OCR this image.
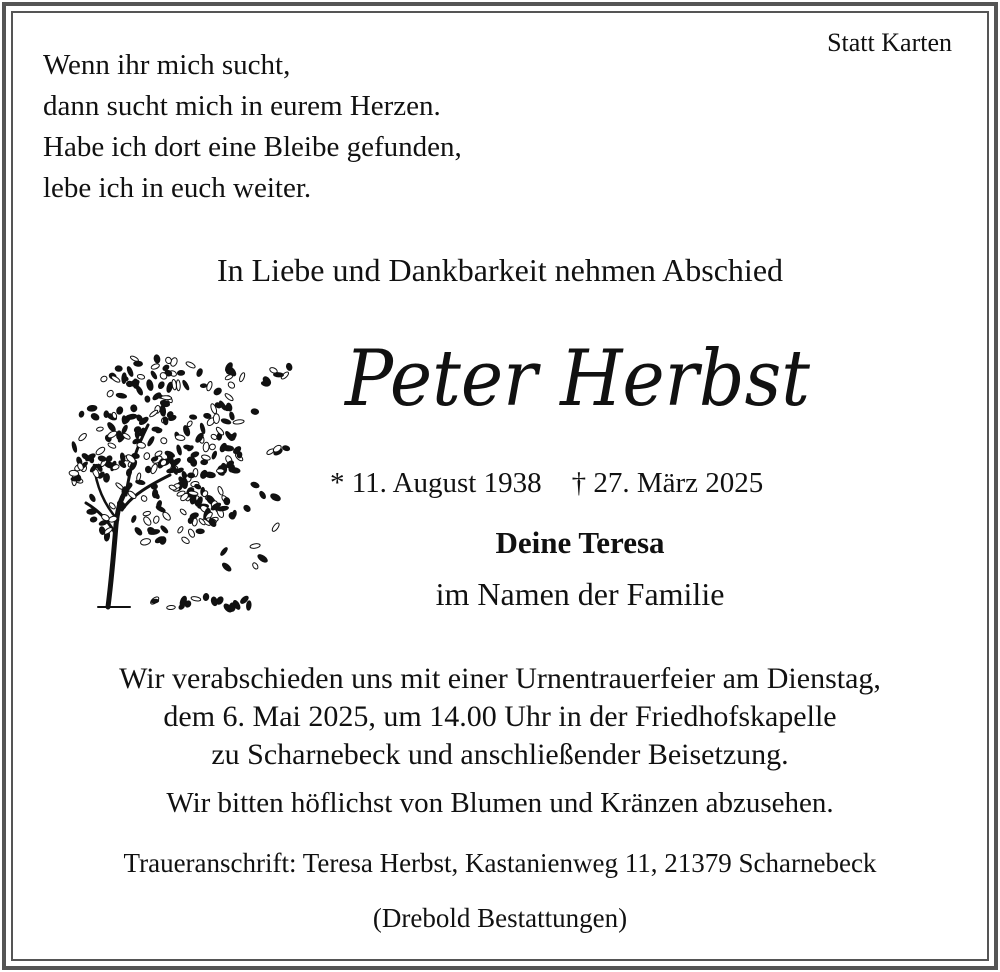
Statt Karten

Wenn ihr mich sucht,
dann sucht mich in eurem Herzen.
Habe ich dort eine Bleibe gefunden,
lebe ich in euch weiter.

In Liebe und Dankbarkeit nehmen Abschied

Peter Herbst

* 11. August 1938 † 27. März 2025

Deine Teresa

im Namen der Familie

Wir verabschieden uns mit einer Urnentrauerfeier am Dienstag,
dem 6. Mai 2025, um 14.00 Uhr in der Friedhofskapelle
zu Scharnebeck und anschließender Beisetzung.

Wir bitten höflichst von Blumen und Kränzen abzusehen.

Traueranschrift: Teresa Herbst, Kastanienweg 11, 21379 Scharnebeck

(Drebold Bestattungen)
